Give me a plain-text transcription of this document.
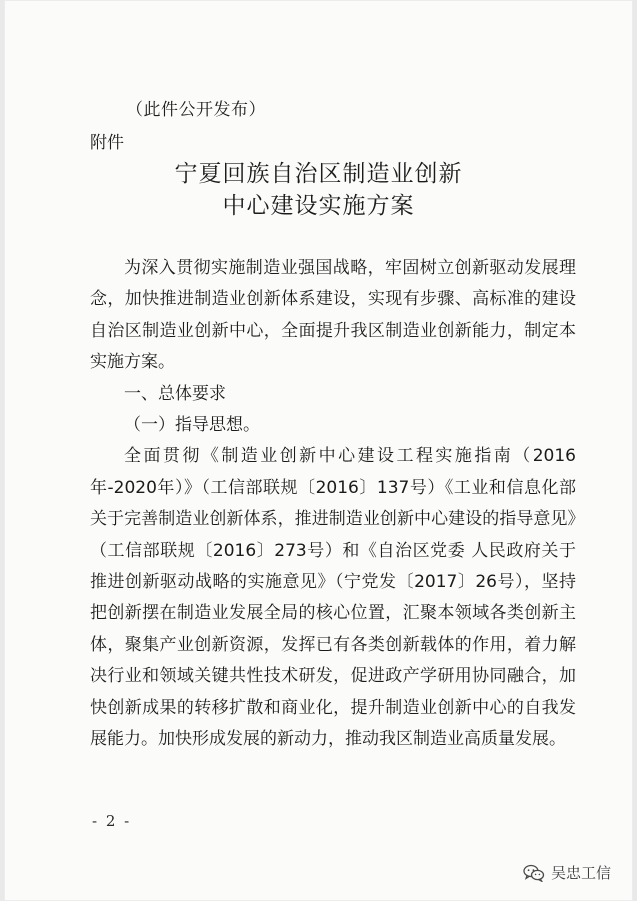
（此件公开发布）
附件
宁夏回族自治区制造业创新
中心建设实施方案

为深入贯彻实施制造业强国战略，牢固树立创新驱动发展理念，加快推进制造业创新体系建设，实现有步骤、高标准的建设自治区制造业创新中心，全面提升我区制造业创新能力，制定本实施方案。

一、总体要求

（一）指导思想。

全面贯彻《制造业创新中心建设工程实施指南（2016年-2020年）》（工信部联规〔2016〕137号）《工业和信息化部关于完善制造业创新体系，推进制造业创新中心建设的指导意见》（工信部联规〔2016〕273号）和《自治区党委 人民政府关于推进创新驱动战略的实施意见》（宁党发〔2017〕26号），坚持把创新摆在制造业发展全局的核心位置，汇聚本领域各类创新主体，聚集产业创新资源，发挥已有各类创新载体的作用，着力解决行业和领域关键共性技术研发，促进政产学研用协同融合，加快创新成果的转移扩散和商业化，提升制造业创新中心的自我发展能力。加快形成发展的新动力，推动我区制造业高质量发展。

- 2 -
吴忠工信
